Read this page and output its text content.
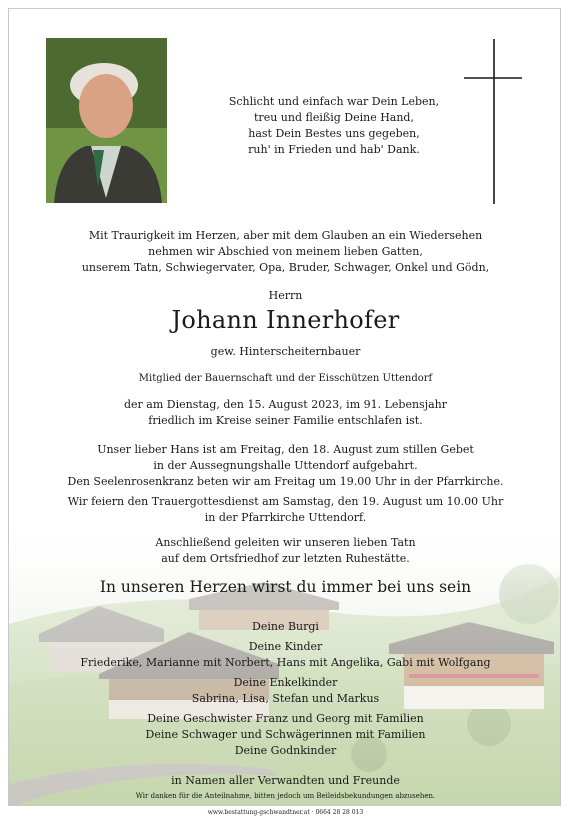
Schlicht und einfach war Dein Leben,
treu und fleißig Deine Hand,
hast Dein Bestes uns gegeben,
ruh' in Frieden und hab' Dank.
Mit Traurigkeit im Herzen, aber mit dem Glauben an ein Wiedersehen
nehmen wir Abschied von meinem lieben Gatten,
unserem Tatn, Schwiegervater, Opa, Bruder, Schwager, Onkel und Gödn,
Herrn
Johann Innerhofer
gew. Hinterscheiternbauer
Mitglied der Bauernschaft und der Eisschützen Uttendorf
der am Dienstag, den 15. August 2023, im 91. Lebensjahr
friedlich im Kreise seiner Familie entschlafen ist.
Unser lieber Hans ist am Freitag, den 18. August zum stillen Gebet
in der Aussegnungshalle Uttendorf aufgebahrt.
Den Seelenrosenkranz beten wir am Freitag um 19.00 Uhr in der Pfarrkirche.
Wir feiern den Trauergottesdienst am Samstag, den 19. August um 10.00 Uhr
in der Pfarrkirche Uttendorf.
Anschließend geleiten wir unseren lieben Tatn
auf dem Ortsfriedhof zur letzten Ruhestätte.
In unseren Herzen wirst du immer bei uns sein
Deine Burgi
Deine Kinder
Friederike, Marianne mit Norbert, Hans mit Angelika, Gabi mit Wolfgang
Deine Enkelkinder
Sabrina, Lisa, Stefan und Markus
Deine Geschwister Franz und Georg mit Familien
Deine Schwager und Schwägerinnen mit Familien
Deine Godnkinder
in Namen aller Verwandten und Freunde
Wir danken für die Anteilnahme, bitten jedoch um Beileidsbekundungen abzusehen.
www.bestattung-gschwandtner.at · 0664 28 28 013
